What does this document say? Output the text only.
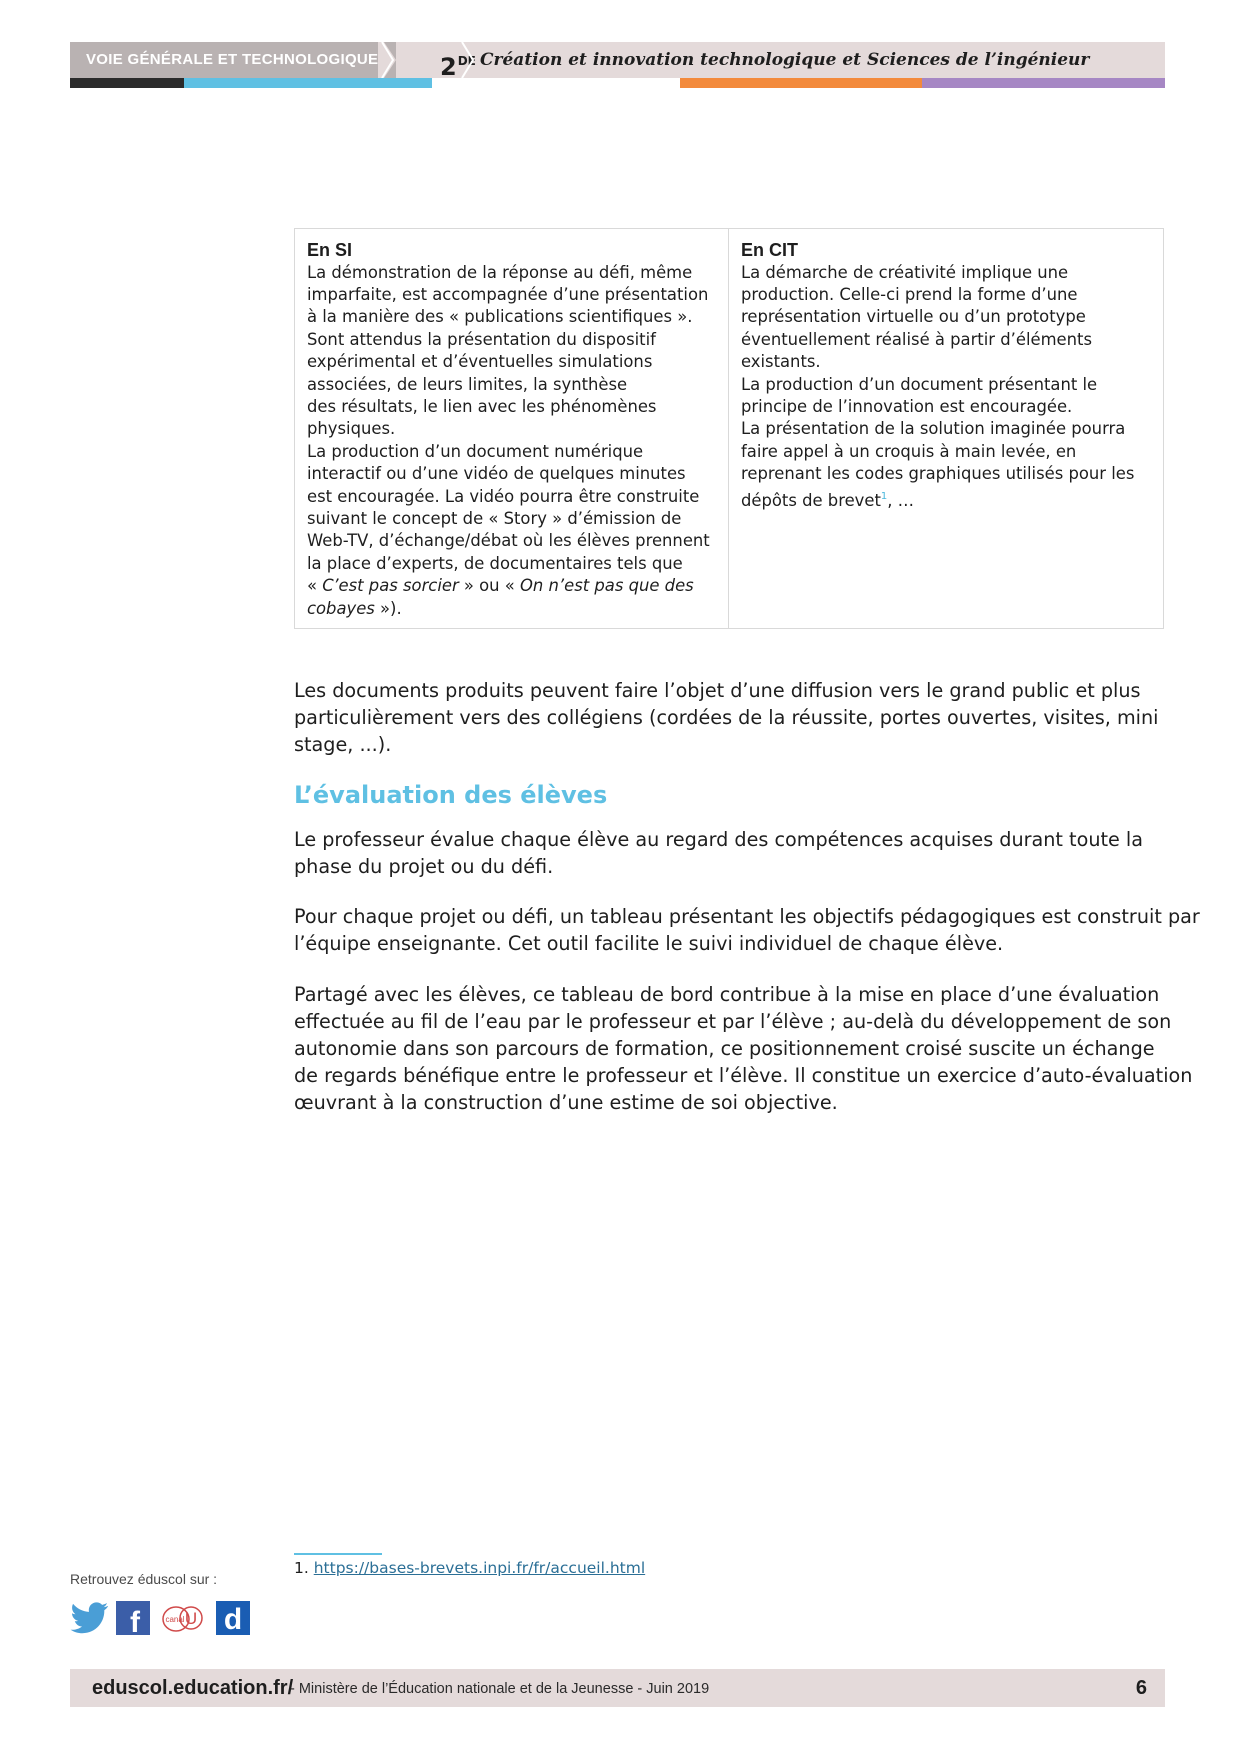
VOIE GÉNÉRALE ET TECHNOLOGIQUE	2DE Création et innovation technologique et Sciences de l’ingénieur
En SI
La démonstration de la réponse au défi, même
imparfaite, est accompagnée d’une présentation
à la manière des « publications scientifiques ».
Sont attendus la présentation du dispositif
expérimental et d’éventuelles simulations
associées, de leurs limites, la synthèse
des résultats, le lien avec les phénomènes
physiques.
La production d’un document numérique
interactif ou d’une vidéo de quelques minutes
est encouragée. La vidéo pourra être construite
suivant le concept de « Story » d’émission de
Web-TV, d’échange/débat où les élèves prennent
la place d’experts, de documentaires tels que
« C’est pas sorcier » ou « On n’est pas que des
cobayes »).
En CIT
La démarche de créativité implique une
production. Celle-ci prend la forme d’une
représentation virtuelle ou d’un prototype
éventuellement réalisé à partir d’éléments
existants.
La production d’un document présentant le
principe de l’innovation est encouragée.
La présentation de la solution imaginée pourra
faire appel à un croquis à main levée, en
reprenant les codes graphiques utilisés pour les
dépôts de brevet$^1$, …
Les documents produits peuvent faire l’objet d’une diffusion vers le grand public et plus
particulièrement vers des collégiens (cordées de la réussite, portes ouvertes, visites, mini
stage, ...).
L’évaluation des élèves
Le professeur évalue chaque élève au regard des compétences acquises durant toute la
phase du projet ou du défi.
Pour chaque projet ou défi, un tableau présentant les objectifs pédagogiques est construit par
l’équipe enseignante. Cet outil facilite le suivi individuel de chaque élève.
Partagé avec les élèves, ce tableau de bord contribue à la mise en place d’une évaluation
effectuée au fil de l’eau par le professeur et par l’élève ; au-delà du développement de son
autonomie dans son parcours de formation, ce positionnement croisé suscite un échange
de regards bénéfique entre le professeur et l’élève. Il constitue un exercice d’auto-évaluation
œuvrant à la construction d’une estime de soi objective.
1. https://bases-brevets.inpi.fr/fr/accueil.html
Retrouvez éduscol sur :
f	canal U d
eduscol.education.fr/
- Ministère de l’Éducation nationale et de la Jeunesse - Juin 2019	6
